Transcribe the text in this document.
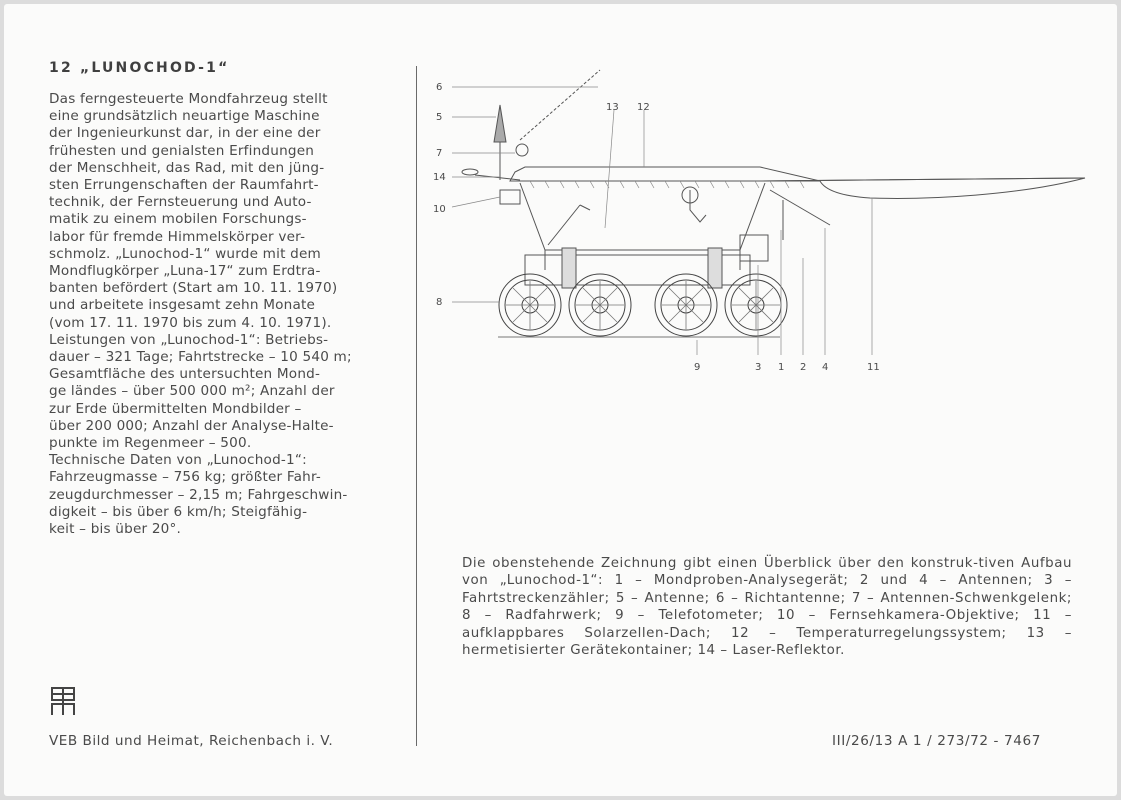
12 „LUNOCHOD-1“

Das ferngesteuerte Mondfahrzeug stellt
eine grundsätzlich neuartige Maschine
der Ingenieurkunst dar, in der eine der
frühesten und genialsten Erfindungen
der Menschheit, das Rad, mit den jüng-
sten Errungenschaften der Raumfahrt-
technik, der Fernsteuerung und Auto-
matik zu einem mobilen Forschungs-
labor für fremde Himmelskörper ver-
schmolz. „Lunochod-1“ wurde mit dem
Mondflugkörper „Luna-17“ zum Erdtra-
banten befördert (Start am 10. 11. 1970)
und arbeitete insgesamt zehn Monate
(vom 17. 11. 1970 bis zum 4. 10. 1971).

Leistungen von „Lunochod-1“: Betriebs-
dauer – 321 Tage; Fahrtstrecke – 10 540 m;
Gesamtfläche des untersuchten Mond-
ge ländes – über 500 000 m²; Anzahl der
zur Erde übermittelten Mondbilder –
über 200 000; Anzahl der Analyse-Halte-
punkte im Regenmeer – 500.

Technische Daten von „Lunochod-1“:
Fahrzeugmasse – 756 kg; größter Fahr-
zeugdurchmesser – 2,15 m; Fahrgeschwin-
digkeit – bis über 6 km/h; Steigfähig-
keit – bis über 20°.

6
5
7
14
10
8
13 12
9	3 1 2 4	11

Die obenstehende Zeichnung gibt einen Überblick über den konstruk-tiven Aufbau von „Lunochod-1“: 1 – Mondproben-Analysegerät; 2 und 4 – Antennen; 3 – Fahrtstreckenzähler; 5 – Antenne; 6 – Richtantenne; 7 – Antennen-Schwenkgelenk; 8 – Radfahrwerk; 9 – Telefotometer; 10 – Fernsehkamera-Objektive; 11 – aufklappbares Solarzellen-Dach; 12 – Temperaturregelungssystem; 13 – hermetisierter Gerätekontainer; 14 – Laser-Reflektor.

VEB Bild und Heimat, Reichenbach i. V.	III/26/13 A 1 / 273/72 - 7467
